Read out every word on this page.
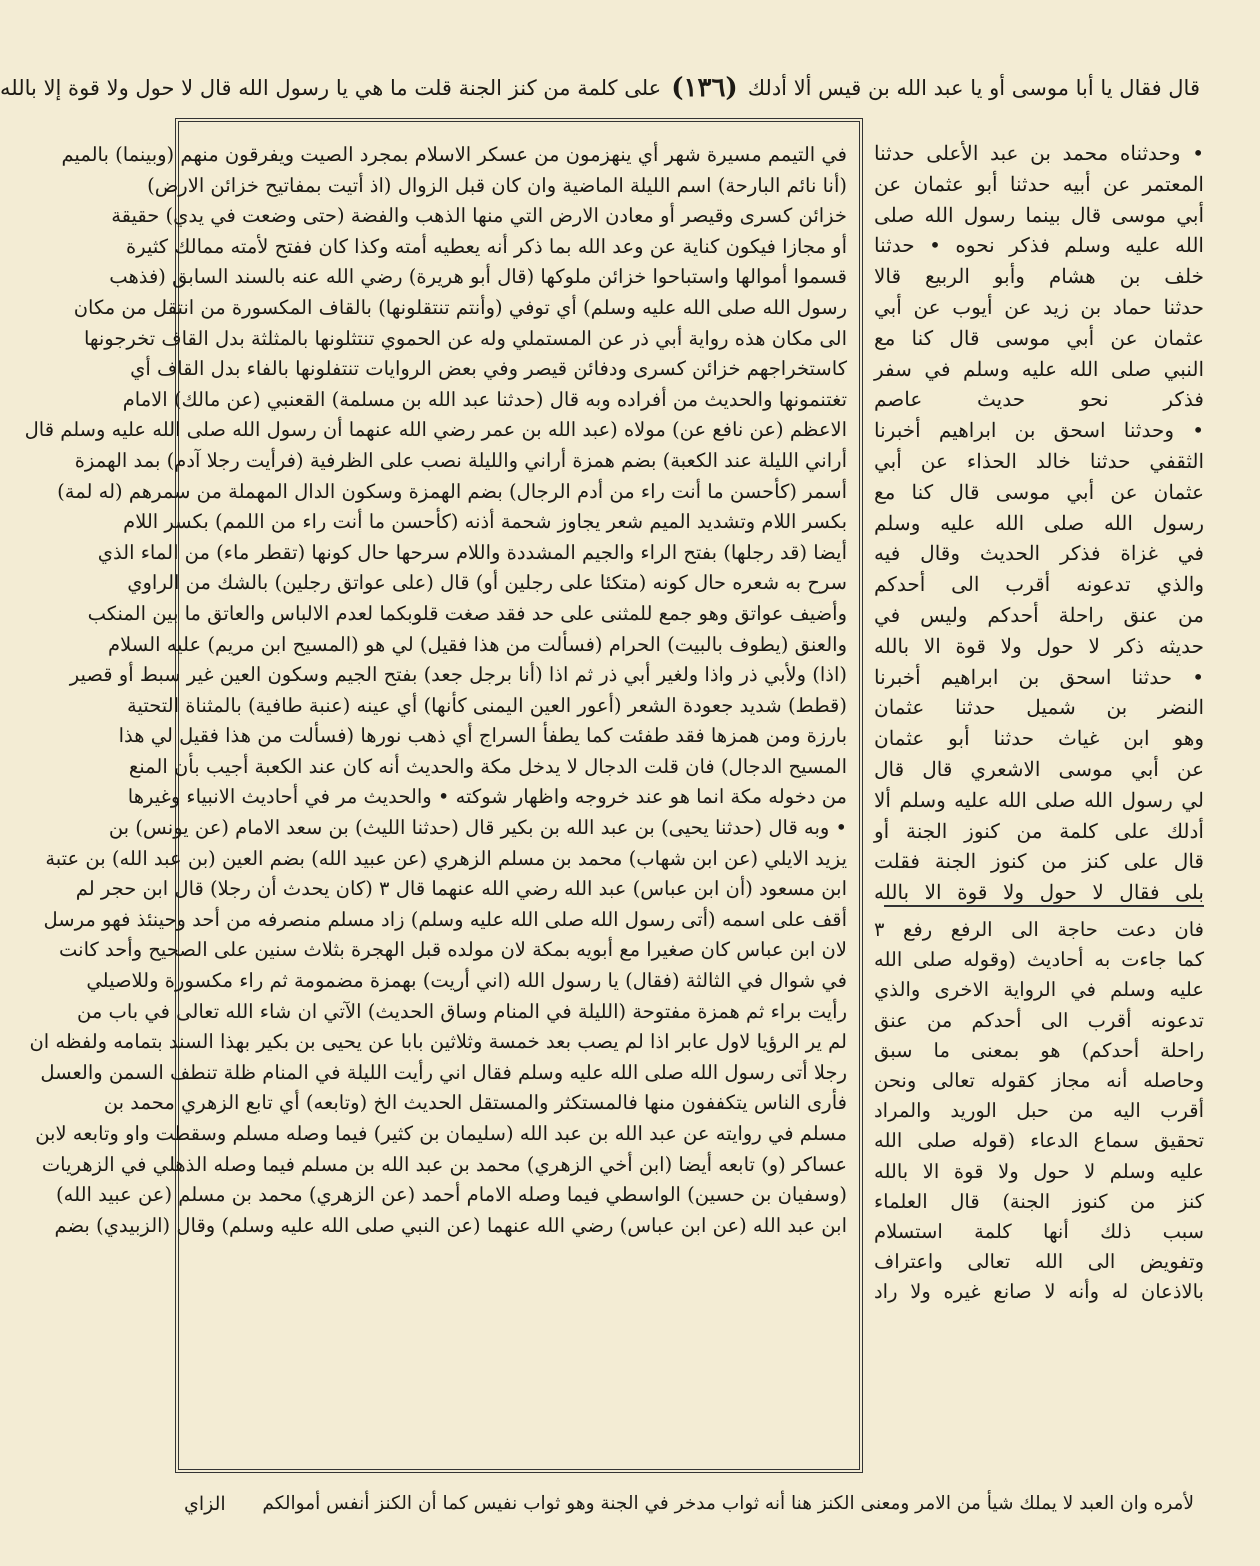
قال فقال يا أبا موسى أو يا عبد الله بن قيس ألا أدلك
(١٣٦)
على كلمة من كنز الجنة قلت ما هي يا رسول الله قال لا حول ولا قوة إلا بالله

• وحدثناه محمد بن عبد الأعلى حدثنا

المعتمر عن أبيه حدثنا أبو عثمان عن

أبي موسى قال بينما رسول الله صلى

الله عليه وسلم فذكر نحوه • حدثنا

خلف بن هشام وأبو الربيع قالا

حدثنا حماد بن زيد عن أيوب عن أبي

عثمان عن أبي موسى قال كنا مع

النبي صلى الله عليه وسلم في سفر

فذكر نحو حديث عاصم

• وحدثنا اسحق بن ابراهيم أخبرنا

الثقفي حدثنا خالد الحذاء عن أبي

عثمان عن أبي موسى قال كنا مع

رسول الله صلى الله عليه وسلم

في غزاة فذكر الحديث وقال فيه

والذي تدعونه أقرب الى أحدكم

من عنق راحلة أحدكم وليس في

حديثه ذكر لا حول ولا قوة الا بالله

• حدثنا اسحق بن ابراهيم أخبرنا

النضر بن شميل حدثنا عثمان

وهو ابن غياث حدثنا أبو عثمان

عن أبي موسى الاشعري قال قال

لي رسول الله صلى الله عليه وسلم ألا

أدلك على كلمة من كنوز الجنة أو

قال على كنز من كنوز الجنة فقلت

بلى فقال لا حول ولا قوة الا بالله

فان دعت حاجة الى الرفع رفع ٣

كما جاءت به أحاديث (وقوله صلى الله

عليه وسلم في الرواية الاخرى والذي

تدعونه أقرب الى أحدكم من عنق

راحلة أحدكم) هو بمعنى ما سبق

وحاصله أنه مجاز كقوله تعالى ونحن

أقرب اليه من حبل الوريد والمراد

تحقيق سماع الدعاء (قوله صلى الله

عليه وسلم لا حول ولا قوة الا بالله

كنز من كنوز الجنة) قال العلماء

سبب ذلك أنها كلمة استسلام

وتفويض الى الله تعالى واعتراف

بالاذعان له وأنه لا صانع غيره ولا راد

في التيمم مسيرة شهر أي ينهزمون من عسكر الاسلام بمجرد الصيت ويفرقون منهم (وبينما) بالميم

(أنا نائم البارحة) اسم الليلة الماضية وان كان قبل الزوال (اذ أتيت بمفاتيح خزائن الارض)

خزائن كسرى وقيصر أو معادن الارض التي منها الذهب والفضة (حتى وضعت في يدي) حقيقة

أو مجازا فيكون كناية عن وعد الله بما ذكر أنه يعطيه أمته وكذا كان ففتح لأمته ممالك كثيرة

قسموا أموالها واستباحوا خزائن ملوكها (قال أبو هريرة) رضي الله عنه بالسند السابق (فذهب

رسول الله صلى الله عليه وسلم) أي توفي (وأنتم تنتقلونها) بالقاف المكسورة من انتقل من مكان

الى مكان هذه رواية أبي ذر عن المستملي وله عن الحموي تنتثلونها بالمثلثة بدل القاف تخرجونها

كاستخراجهم خزائن كسرى ودفائن قيصر وفي بعض الروايات تنتفلونها بالفاء بدل القاف أي

تغتنمونها والحديث من أفراده وبه قال (حدثنا عبد الله بن مسلمة) القعنبي (عن مالك) الامام

الاعظم (عن نافع عن) مولاه (عبد الله بن عمر رضي الله عنهما أن رسول الله صلى الله عليه وسلم قال

أراني الليلة عند الكعبة) بضم همزة أراني والليلة نصب على الظرفية (فرأيت رجلا آدم) بمد الهمزة

أسمر (كأحسن ما أنت راء من أدم الرجال) بضم الهمزة وسكون الدال المهملة من سمرهم (له لمة)

بكسر اللام وتشديد الميم شعر يجاوز شحمة أذنه (كأحسن ما أنت راء من اللمم) بكسر اللام

أيضا (قد رجلها) بفتح الراء والجيم المشددة واللام سرحها حال كونها (تقطر ماء) من الماء الذي

سرح به شعره حال كونه (متكئا على رجلين أو) قال (على عواتق رجلين) بالشك من الراوي

وأضيف عواتق وهو جمع للمثنى على حد فقد صغت قلوبكما لعدم الالباس والعاتق ما بين المنكب

والعنق (يطوف بالبيت) الحرام (فسألت من هذا فقيل) لي هو (المسيح ابن مريم) عليه السلام

(اذا) ولأبي ذر واذا ولغير أبي ذر ثم اذا (أنا برجل جعد) بفتح الجيم وسكون العين غير سبط أو قصير

(قطط) شديد جعودة الشعر (أعور العين اليمنى كأنها) أي عينه (عنبة طافية) بالمثناة التحتية

بارزة ومن همزها فقد طفئت كما يطفأ السراج أي ذهب نورها (فسألت من هذا فقيل لي هذا

المسيح الدجال) فان قلت الدجال لا يدخل مكة والحديث أنه كان عند الكعبة أجيب بأن المنع

من دخوله مكة انما هو عند خروجه واظهار شوكته • والحديث مر في أحاديث الانبياء وغيرها

• وبه قال (حدثنا يحيى) بن عبد الله بن بكير قال (حدثنا الليث) بن سعد الامام (عن يونس) بن

يزيد الايلي (عن ابن شهاب) محمد بن مسلم الزهري (عن عبيد الله) بضم العين (بن عبد الله) بن عتبة

ابن مسعود (أن ابن عباس) عبد الله رضي الله عنهما قال ٣ (كان يحدث أن رجلا) قال ابن حجر لم

أقف على اسمه (أتى رسول الله صلى الله عليه وسلم) زاد مسلم منصرفه من أحد وحينئذ فهو مرسل

لان ابن عباس كان صغيرا مع أبويه بمكة لان مولده قبل الهجرة بثلاث سنين على الصحيح وأحد كانت

في شوال في الثالثة (فقال) يا رسول الله (اني أريت) بهمزة مضمومة ثم راء مكسورة وللاصيلي

رأيت براء ثم همزة مفتوحة (الليلة في المنام وساق الحديث) الآتي ان شاء الله تعالى في باب من

لم ير الرؤيا لاول عابر اذا لم يصب بعد خمسة وثلاثين بابا عن يحيى بن بكير بهذا السند بتمامه ولفظه ان

رجلا أتى رسول الله صلى الله عليه وسلم فقال اني رأيت الليلة في المنام ظلة تنطف السمن والعسل

فأرى الناس يتكففون منها فالمستكثر والمستقل الحديث الخ (وتابعه) أي تابع الزهري محمد بن

مسلم في روايته عن عبد الله بن عبد الله (سليمان بن كثير) فيما وصله مسلم وسقطت واو وتابعه لابن

عساكر (و) تابعه أيضا (ابن أخي الزهري) محمد بن عبد الله بن مسلم فيما وصله الذهلي في الزهريات

(وسفيان بن حسين) الواسطي فيما وصله الامام أحمد (عن الزهري) محمد بن مسلم (عن عبيد الله)

ابن عبد الله (عن ابن عباس) رضي الله عنهما (عن النبي صلى الله عليه وسلم) وقال (الزبيدي) بضم

لأمره وان العبد لا يملك شيأ من الامر ومعنى الكنز هنا أنه ثواب مدخر في الجنة وهو ثواب نفيس كما أن الكنز أنفس أموالكم
الزاي
